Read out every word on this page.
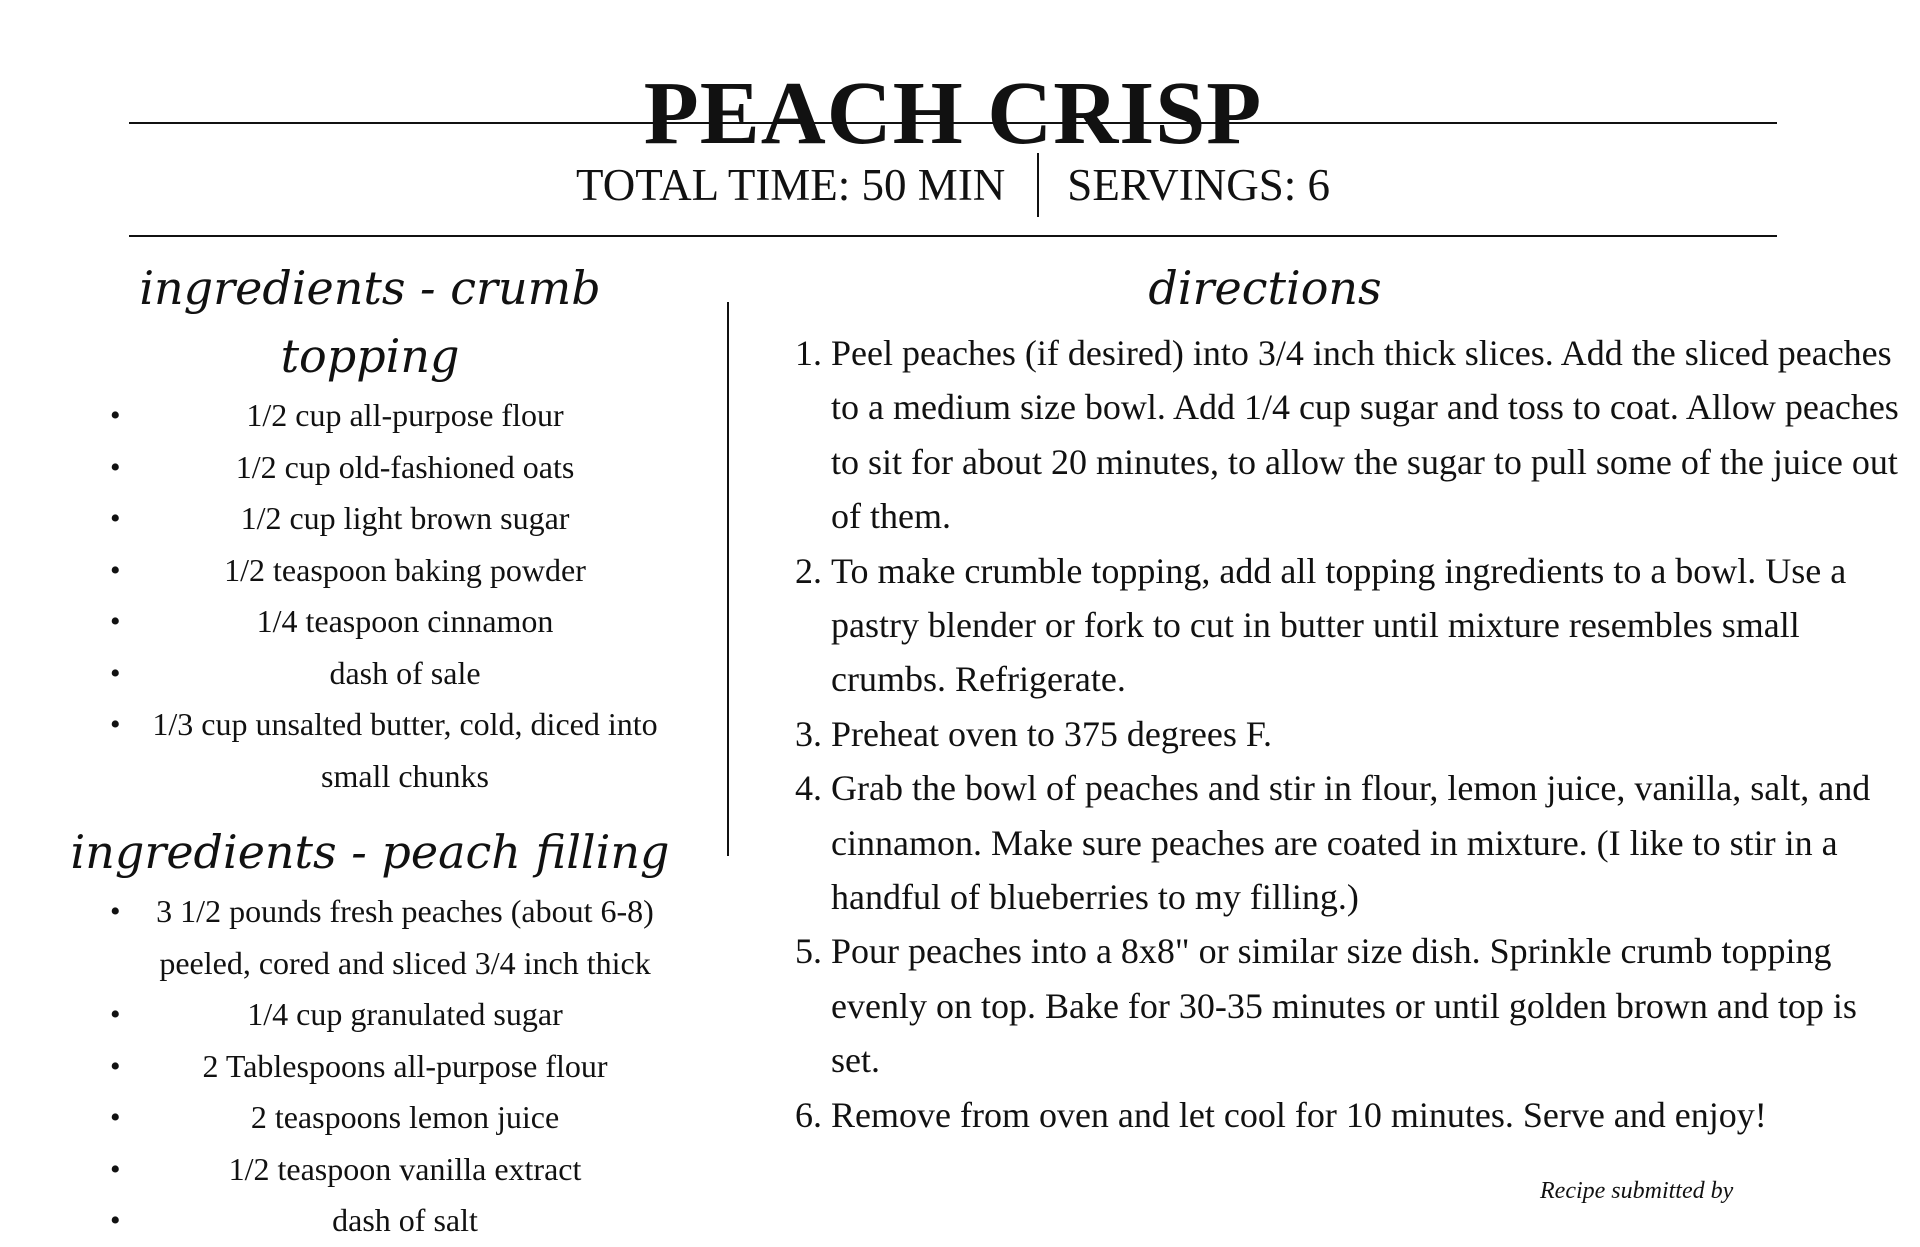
PEACH CRISP
TOTAL TIME: 50 MIN SERVINGS: 6
ingredients - crumb topping
•	1/2 cup all-purpose flour
•	1/2 cup old-fashioned oats
•	1/2 cup light brown sugar
•	1/2 teaspoon baking powder
•	1/4 teaspoon cinnamon
•	dash of sale
• 1/3 cup unsalted butter, cold, diced into small chunks
ingredients - peach filling
• 3 1/2 pounds fresh peaches (about 6-8) peeled, cored and sliced 3/4 inch thick
•	1/4 cup granulated sugar
•	2 Tablespoons all-purpose flour
•	2 teaspoons lemon juice
•	1/2 teaspoon vanilla extract
•	dash of salt
directions
1. Peel peaches (if desired) into 3/4 inch thick slices. Add the sliced peaches to a medium size bowl. Add 1/4 cup sugar and toss to coat. Allow peaches to sit for about 20 minutes, to allow the sugar to pull some of the juice out of them.
2. To make crumble topping, add all topping ingredients to a bowl. Use a pastry blender or fork to cut in butter until mixture resembles small crumbs. Refrigerate.
3. Preheat oven to 375 degrees F.
4. Grab the bowl of peaches and stir in flour, lemon juice, vanilla, salt, and cinnamon. Make sure peaches are coated in mixture. (I like to stir in a handful of blueberries to my filling.)
5. Pour peaches into a 8x8" or similar size dish. Sprinkle crumb topping evenly on top. Bake for 30-35 minutes or until golden brown and top is set.
6. Remove from oven and let cool for 10 minutes. Serve and enjoy!
Recipe submitted by
